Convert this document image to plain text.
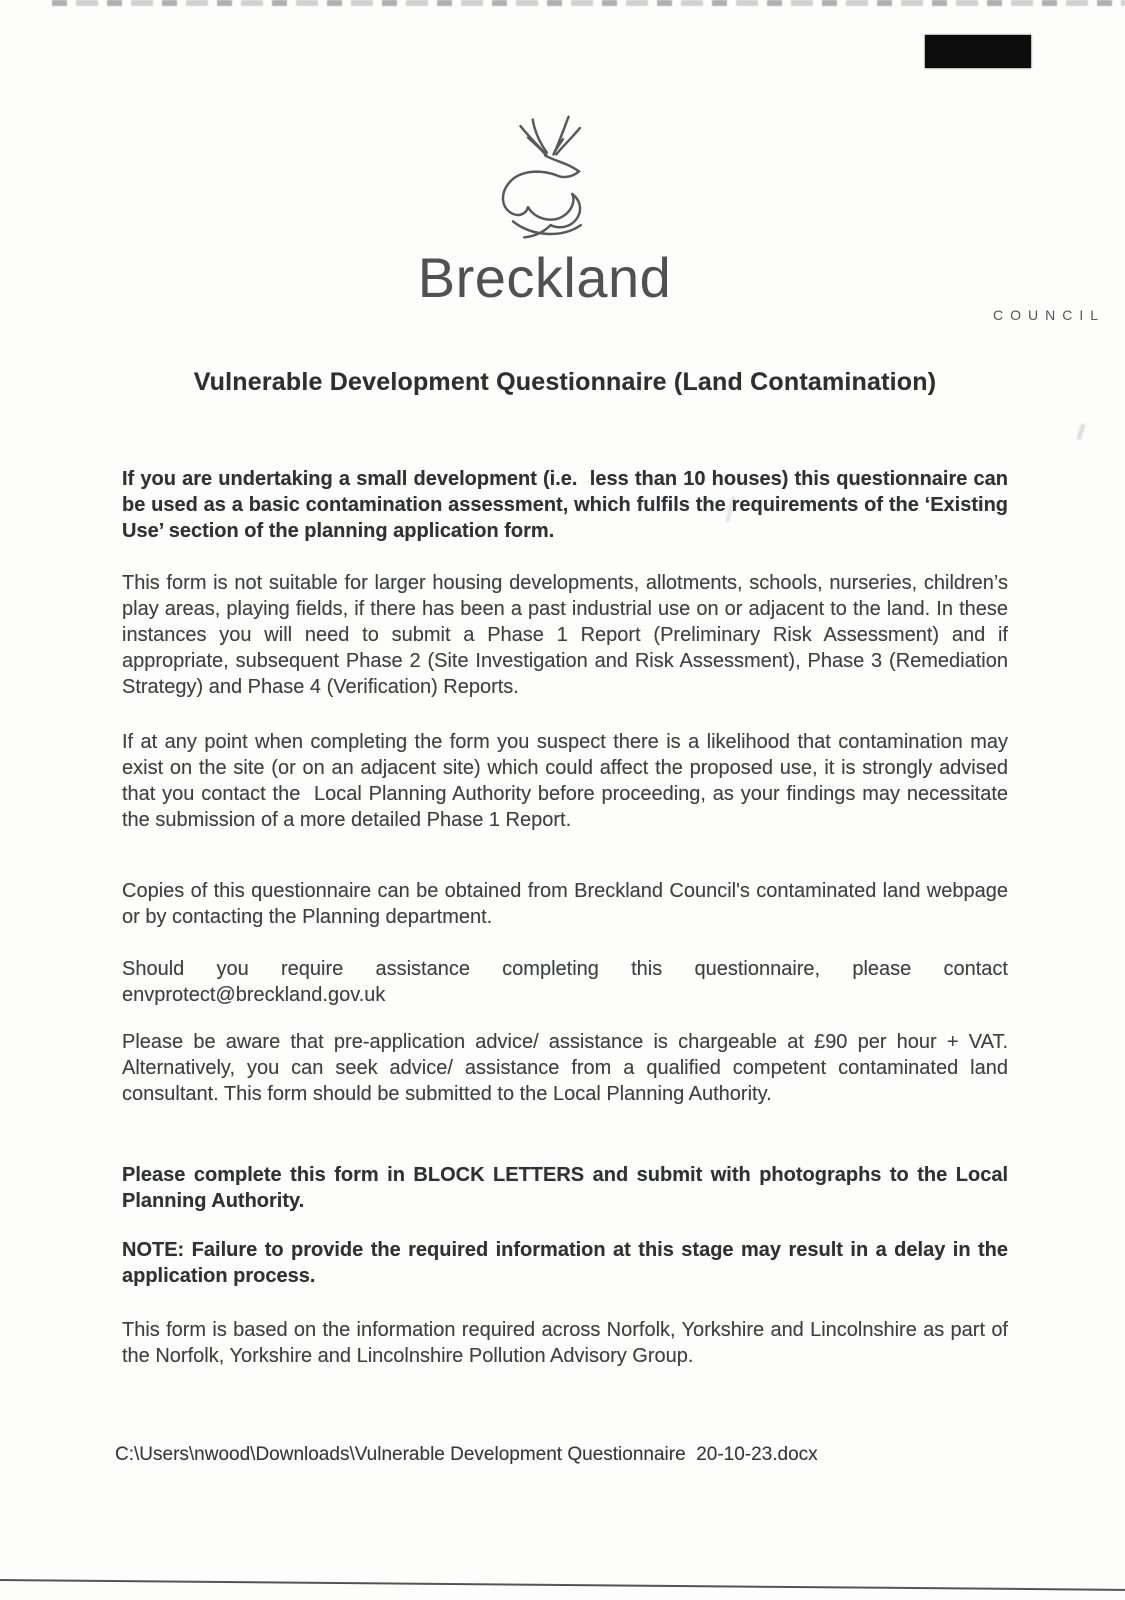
Breckland
COUNCIL
Vulnerable Development Questionnaire (Land Contamination)

If you are undertaking a small development (i.e.  less than 10 houses) this questionnaire can be used as a basic contamination assessment, which fulfils the requirements of the ‘Existing Use’ section of the planning application form.

This form is not suitable for larger housing developments, allotments, schools, nurseries, children’s play areas, playing fields, if there has been a past industrial use on or adjacent to the land. In these instances you will need to submit a Phase 1 Report (Preliminary Risk Assessment) and if appropriate, subsequent Phase 2 (Site Investigation and Risk Assessment), Phase 3 (Remediation Strategy) and Phase 4 (Verification) Reports.

If at any point when completing the form you suspect there is a likelihood that contamination may exist on the site (or on an adjacent site) which could affect the proposed use, it is strongly advised that you contact the  Local Planning Authority before proceeding, as your findings may necessitate the submission of a more detailed Phase 1 Report.

Copies of this questionnaire can be obtained from Breckland Council's contaminated land webpage or by contacting the Planning department.

Should you require assistance completing this questionnaire, please contact envprotect@breckland.gov.uk

Please be aware that pre-application advice/ assistance is chargeable at £90 per hour + VAT. Alternatively, you can seek advice/ assistance from a qualified competent contaminated land consultant. This form should be submitted to the Local Planning Authority.

Please complete this form in BLOCK LETTERS and submit with photographs to the Local Planning Authority.

NOTE: Failure to provide the required information at this stage may result in a delay in the application process.

This form is based on the information required across Norfolk, Yorkshire and Lincolnshire as part of the Norfolk, Yorkshire and Lincolnshire Pollution Advisory Group.

C:\Users\nwood\Downloads\Vulnerable Development Questionnaire  20-10-23.docx
